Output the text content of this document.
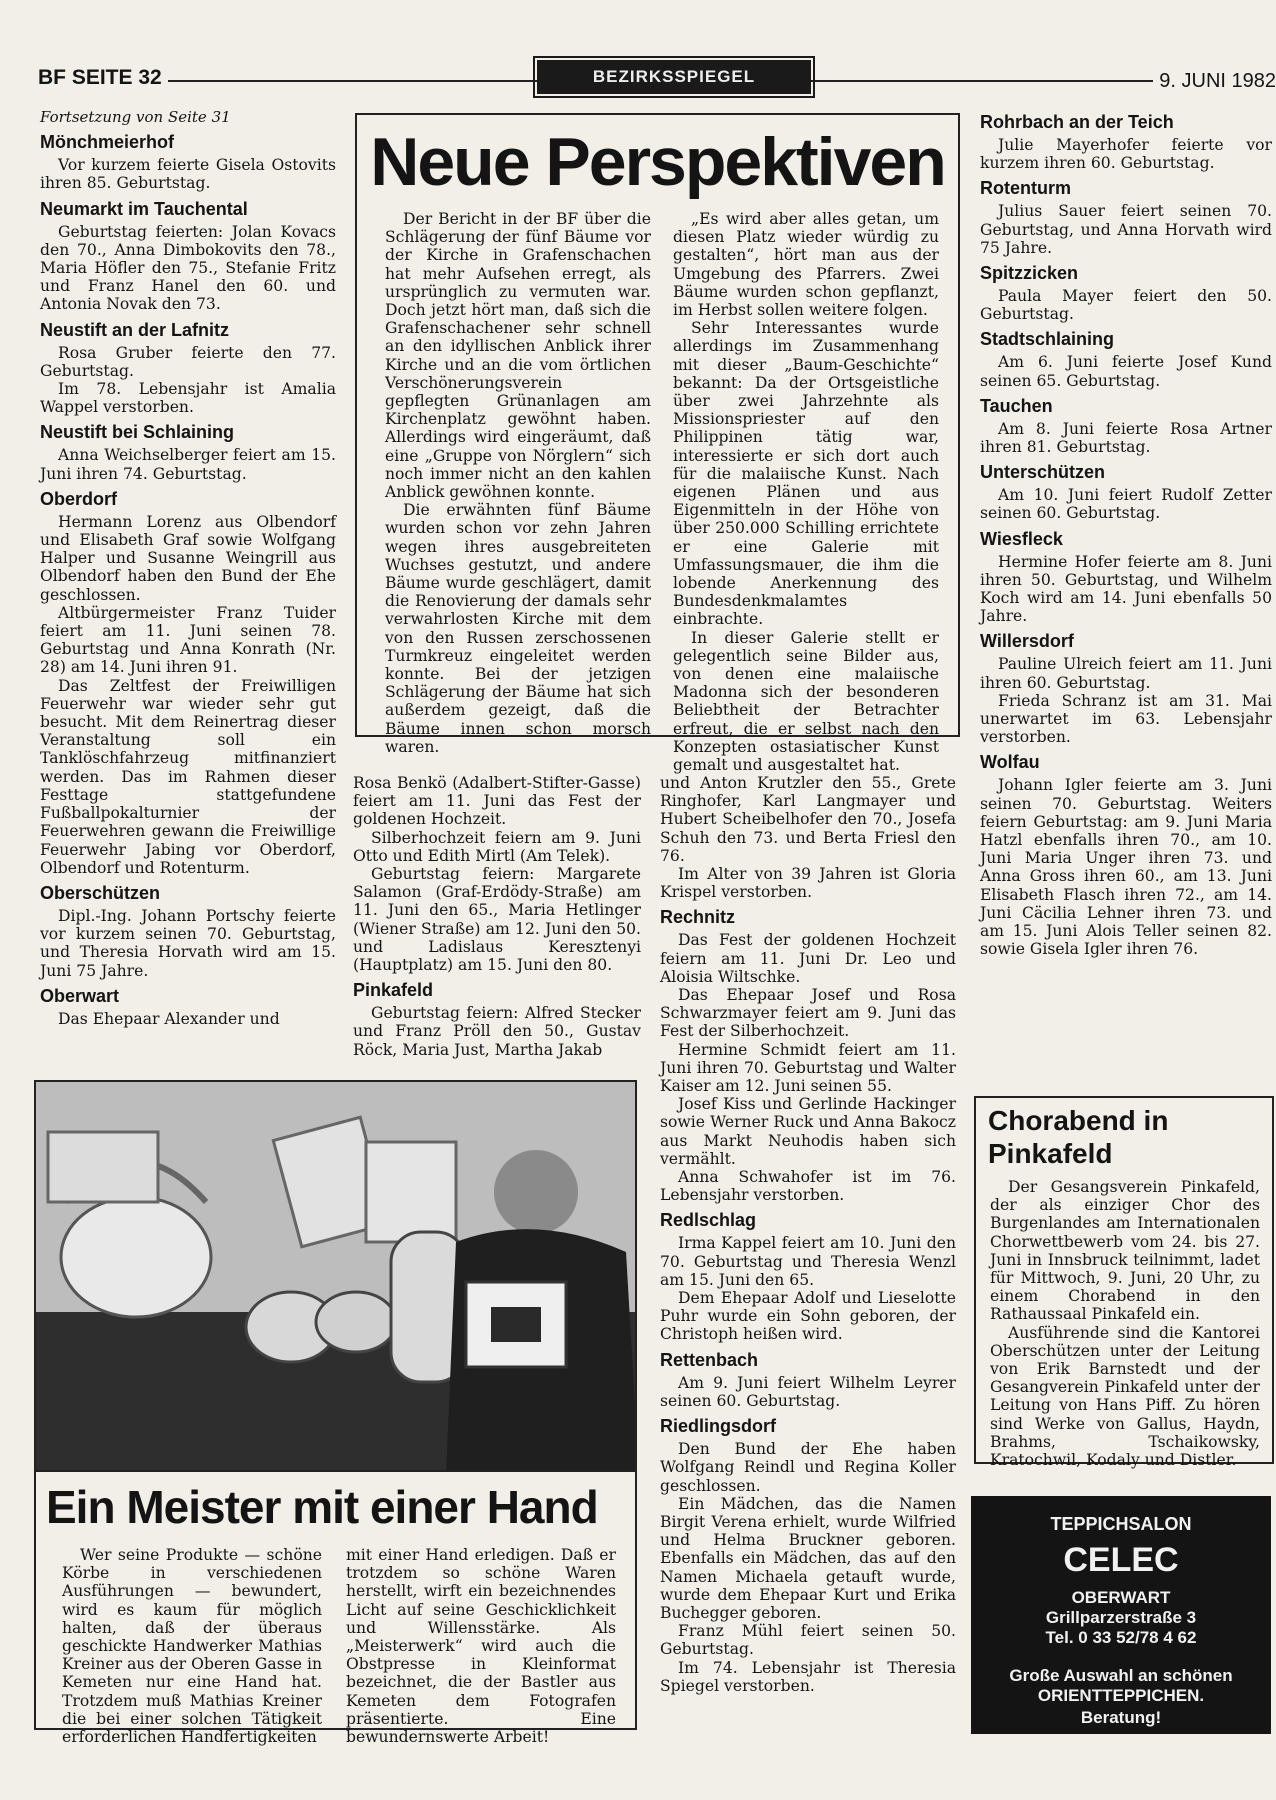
BF SEITE 32	BEZIRKSSPIEGEL	9. JUNI 1982
Fortsetzung von Seite 31
Mönchmeierhof

Vor kurzem feierte Gisela Ostovits ihren 85. Geburtstag.

Neumarkt im Tauchental

Geburtstag feierten: Jolan Kovacs den 70., Anna Dimbokovits den 78., Maria Höfler den 75., Stefanie Fritz und Franz Hanel den 60. und Antonia Novak den 73.

Neustift an der Lafnitz

Rosa Gruber feierte den 77. Geburtstag.

Im 78. Lebensjahr ist Amalia Wappel verstorben.

Neustift bei Schlaining

Anna Weichselberger feiert am 15. Juni ihren 74. Geburtstag.

Oberdorf

Hermann Lorenz aus Olbendorf und Elisabeth Graf sowie Wolfgang Halper und Susanne Weingrill aus Olbendorf haben den Bund der Ehe geschlossen.

Altbürgermeister Franz Tuider feiert am 11. Juni seinen 78. Geburtstag und Anna Konrath (Nr. 28) am 14. Juni ihren 91.

Das Zeltfest der Freiwilligen Feuerwehr war wieder sehr gut besucht. Mit dem Reinertrag dieser Veranstaltung soll ein Tanklöschfahrzeug mitfinanziert werden. Das im Rahmen dieser Festtage stattgefundene Fußballpokalturnier der Feuerwehren gewann die Freiwillige Feuerwehr Jabing vor Oberdorf, Olbendorf und Rotenturm.

Oberschützen

Dipl.-Ing. Johann Portschy feierte vor kurzem seinen 70. Geburtstag, und Theresia Horvath wird am 15. Juni 75 Jahre.

Oberwart

Das Ehepaar Alexander und

Neue Perspektiven

Der Bericht in der BF über die Schlägerung der fünf Bäume vor der Kirche in Grafenschachen hat mehr Aufsehen erregt, als ursprünglich zu vermuten war. Doch jetzt hört man, daß sich die Grafenschachener sehr schnell an den idyllischen Anblick ihrer Kirche und an die vom örtlichen Verschönerungsverein gepflegten Grünanlagen am Kirchenplatz gewöhnt haben. Allerdings wird eingeräumt, daß eine „Gruppe von Nörglern“ sich noch immer nicht an den kahlen Anblick gewöhnen konnte.

Die erwähnten fünf Bäume wurden schon vor zehn Jahren wegen ihres ausgebreiteten Wuchses gestutzt, und andere Bäume wurde geschlägert, damit die Renovierung der damals sehr verwahrlosten Kirche mit dem von den Russen zerschossenen Turmkreuz eingeleitet werden konnte. Bei der jetzigen Schlägerung der Bäume hat sich außerdem gezeigt, daß die Bäume innen schon morsch waren.

„Es wird aber alles getan, um diesen Platz wieder würdig zu gestalten“, hört man aus der Umgebung des Pfarrers. Zwei Bäume wurden schon gepflanzt, im Herbst sollen weitere folgen.

Sehr Interessantes wurde allerdings im Zusammenhang mit dieser „Baum-Geschichte“ bekannt: Da der Ortsgeistliche über zwei Jahrzehnte als Missionspriester auf den Philippinen tätig war, interessierte er sich dort auch für die malaiische Kunst. Nach eigenen Plänen und aus Eigenmitteln in der Höhe von über 250.000 Schilling errichtete er eine Galerie mit Umfassungsmauer, die ihm die lobende Anerkennung des Bundesdenkmalamtes einbrachte.

In dieser Galerie stellt er gelegentlich seine Bilder aus, von denen eine malaiische Madonna sich der besonderen Beliebtheit der Betrachter erfreut, die er selbst nach den Konzepten ostasiatischer Kunst gemalt und ausgestaltet hat.

Rosa Benkö (Adalbert-Stifter-Gasse) feiert am 11. Juni das Fest der goldenen Hochzeit.

Silberhochzeit feiern am 9. Juni Otto und Edith Mirtl (Am Telek).

Geburtstag feiern: Margarete Salamon (Graf-Erdödy-Straße) am 11. Juni den 65., Maria Hetlinger (Wiener Straße) am 12. Juni den 50. und Ladislaus Keresztenyi (Hauptplatz) am 15. Juni den 80.

Pinkafeld

Geburtstag feiern: Alfred Stecker und Franz Pröll den 50., Gustav Röck, Maria Just, Martha Jakab

und Anton Krutzler den 55., Grete Ringhofer, Karl Langmayer und Hubert Scheibelhofer den 70., Josefa Schuh den 73. und Berta Friesl den 76.

Im Alter von 39 Jahren ist Gloria Krispel verstorben.

Rechnitz

Das Fest der goldenen Hochzeit feiern am 11. Juni Dr. Leo und Aloisia Wiltschke.

Das Ehepaar Josef und Rosa Schwarzmayer feiert am 9. Juni das Fest der Silberhochzeit.

Hermine Schmidt feiert am 11. Juni ihren 70. Geburtstag und Walter Kaiser am 12. Juni seinen 55.

Josef Kiss und Gerlinde Hackinger sowie Werner Ruck und Anna Bakocz aus Markt Neuhodis haben sich vermählt.

Anna Schwahofer ist im 76. Lebensjahr verstorben.

Redlschlag

Irma Kappel feiert am 10. Juni den 70. Geburtstag und Theresia Wenzl am 15. Juni den 65.

Dem Ehepaar Adolf und Lieselotte Puhr wurde ein Sohn geboren, der Christoph heißen wird.

Rettenbach

Am 9. Juni feiert Wilhelm Leyrer seinen 60. Geburtstag.

Riedlingsdorf

Den Bund der Ehe haben Wolfgang Reindl und Regina Koller geschlossen.

Ein Mädchen, das die Namen Birgit Verena erhielt, wurde Wilfried und Helma Bruckner geboren. Ebenfalls ein Mädchen, das auf den Namen Michaela getauft wurde, wurde dem Ehepaar Kurt und Erika Buchegger geboren.

Franz Mühl feiert seinen 50. Geburtstag.

Im 74. Lebensjahr ist Theresia Spiegel verstorben.

Rohrbach an der Teich

Julie Mayerhofer feierte vor kurzem ihren 60. Geburtstag.

Rotenturm

Julius Sauer feiert seinen 70. Geburtstag, und Anna Horvath wird 75 Jahre.

Spitzzicken

Paula Mayer feiert den 50. Geburtstag.

Stadtschlaining

Am 6. Juni feierte Josef Kund seinen 65. Geburtstag.

Tauchen

Am 8. Juni feierte Rosa Artner ihren 81. Geburtstag.

Unterschützen

Am 10. Juni feiert Rudolf Zetter seinen 60. Geburtstag.

Wiesfleck

Hermine Hofer feierte am 8. Juni ihren 50. Geburtstag, und Wilhelm Koch wird am 14. Juni ebenfalls 50 Jahre.

Willersdorf

Pauline Ulreich feiert am 11. Juni ihren 60. Geburtstag.

Frieda Schranz ist am 31. Mai unerwartet im 63. Lebensjahr verstorben.

Wolfau

Johann Igler feierte am 3. Juni seinen 70. Geburtstag. Weiters feiern Geburtstag: am 9. Juni Maria Hatzl ebenfalls ihren 70., am 10. Juni Maria Unger ihren 73. und Anna Gross ihren 60., am 13. Juni Elisabeth Flasch ihren 72., am 14. Juni Cäcilia Lehner ihren 73. und am 15. Juni Alois Teller seinen 82. sowie Gisela Igler ihren 76.

Ein Meister mit einer Hand

Wer seine Produkte — schöne Körbe in verschiedenen Ausführungen — bewundert, wird es kaum für möglich halten, daß der überaus geschickte Handwerker Mathias Kreiner aus der Oberen Gasse in Kemeten nur eine Hand hat. Trotzdem muß Mathias Kreiner die bei einer solchen Tätigkeit erforderlichen Handfertigkeiten

mit einer Hand erledigen. Daß er trotzdem so schöne Waren herstellt, wirft ein bezeichnendes Licht auf seine Geschicklichkeit und Willensstärke. Als „Meisterwerk“ wird auch die Obstpresse in Kleinformat bezeichnet, die der Bastler aus Kemeten dem Fotografen präsentierte. Eine bewundernswerte Arbeit!

Chorabend in Pinkafeld

Der Gesangsverein Pinkafeld, der als einziger Chor des Burgenlandes am Internationalen Chorwettbewerb vom 24. bis 27. Juni in Innsbruck teilnimmt, ladet für Mittwoch, 9. Juni, 20 Uhr, zu einem Chorabend in den Rathaussaal Pinkafeld ein.

Ausführende sind die Kantorei Oberschützen unter der Leitung von Erik Barnstedt und der Gesangverein Pinkafeld unter der Leitung von Hans Piff. Zu hören sind Werke von Gallus, Haydn, Brahms, Tschaikowsky, Kratochwil, Kodaly und Distler.

TEPPICHSALON
CELEC
OBERWART
Grillparzerstraße 3
Tel. 0 33 52/78 4 62
Große Auswahl an schönen
ORIENTTEPPICHEN.
Beratung!
